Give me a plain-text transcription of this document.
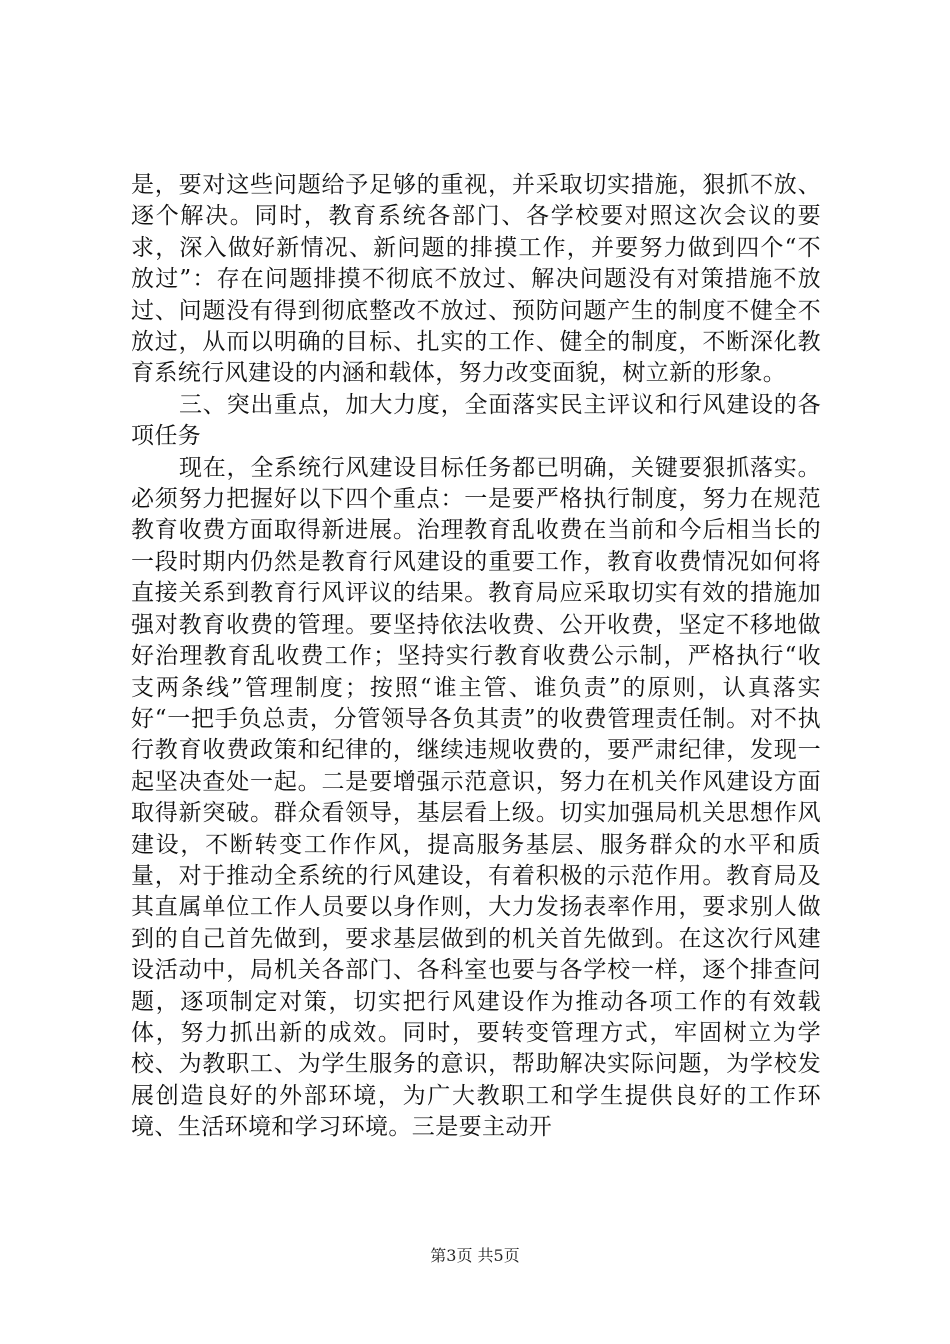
是，要对这些问题给予足够的重视，并采取切实措施，狠抓不放、逐个解决。同时，教育系统各部门、各学校要对照这次会议的要求，深入做好新情况、新问题的排摸工作，并要努力做到四个“不放过”：存在问题排摸不彻底不放过、解决问题没有对策措施不放过、问题没有得到彻底整改不放过、预防问题产生的制度不健全不放过，从而以明确的目标、扎实的工作、健全的制度，不断深化教育系统行风建设的内涵和载体，努力改变面貌，树立新的形象。

三、突出重点，加大力度，全面落实民主评议和行风建设的各项任务

现在，全系统行风建设目标任务都已明确，关键要狠抓落实。必须努力把握好以下四个重点：一是要严格执行制度，努力在规范教育收费方面取得新进展。治理教育乱收费在当前和今后相当长的一段时期内仍然是教育行风建设的重要工作，教育收费情况如何将直接关系到教育行风评议的结果。教育局应采取切实有效的措施加强对教育收费的管理。要坚持依法收费、公开收费，坚定不移地做好治理教育乱收费工作；坚持实行教育收费公示制，严格执行“收支两条线”管理制度；按照“谁主管、谁负责”的原则，认真落实好“一把手负总责，分管领导各负其责”的收费管理责任制。对不执行教育收费政策和纪律的，继续违规收费的，要严肃纪律，发现一起坚决查处一起。二是要增强示范意识，努力在机关作风建设方面取得新突破。群众看领导，基层看上级。切实加强局机关思想作风建设，不断转变工作作风，提高服务基层、服务群众的水平和质量，对于推动全系统的行风建设，有着积极的示范作用。教育局及其直属单位工作人员要以身作则，大力发扬表率作用，要求别人做到的自己首先做到，要求基层做到的机关首先做到。在这次行风建设活动中，局机关各部门、各科室也要与各学校一样，逐个排查问题，逐项制定对策，切实把行风建设作为推动各项工作的有效载体，努力抓出新的成效。同时，要转变管理方式，牢固树立为学校、为教职工、为学生服务的意识，帮助解决实际问题，为学校发展创造良好的外部环境，为广大教职工和学生提供良好的工作环境、生活环境和学习环境。三是要主动开

第3页 共5页
